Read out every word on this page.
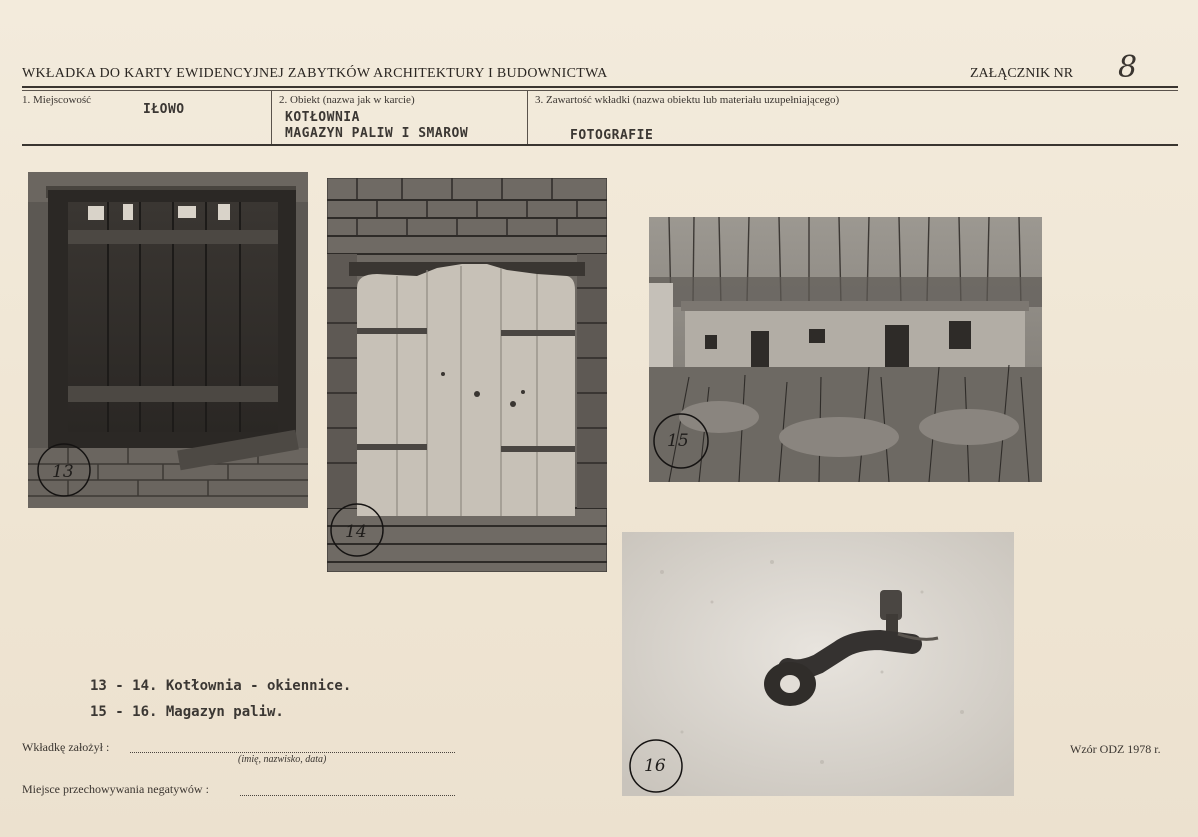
WKŁADKA DO KARTY EWIDENCYJNEJ ZABYTKÓW ARCHITEKTURY I BUDOWNICTWA	ZAŁĄCZNIK NR 8
1. Miejscowość
IŁOWO
2. Obiekt (nazwa jak w karcie)
KOTŁOWNIA
MAGAZYN PALIW I SMAROW
3. Zawartość wkładki (nazwa obiektu lub materiału uzupełniającego)
FOTOGRAFIE
13
14
15
16
13 - 14. Kotłownia - okiennice.
15 - 16. Magazyn paliw.
Wkładkę założył :
(imię, nazwisko, data)
Miejsce przechowywania negatywów :
Wzór ODZ 1978 r.
